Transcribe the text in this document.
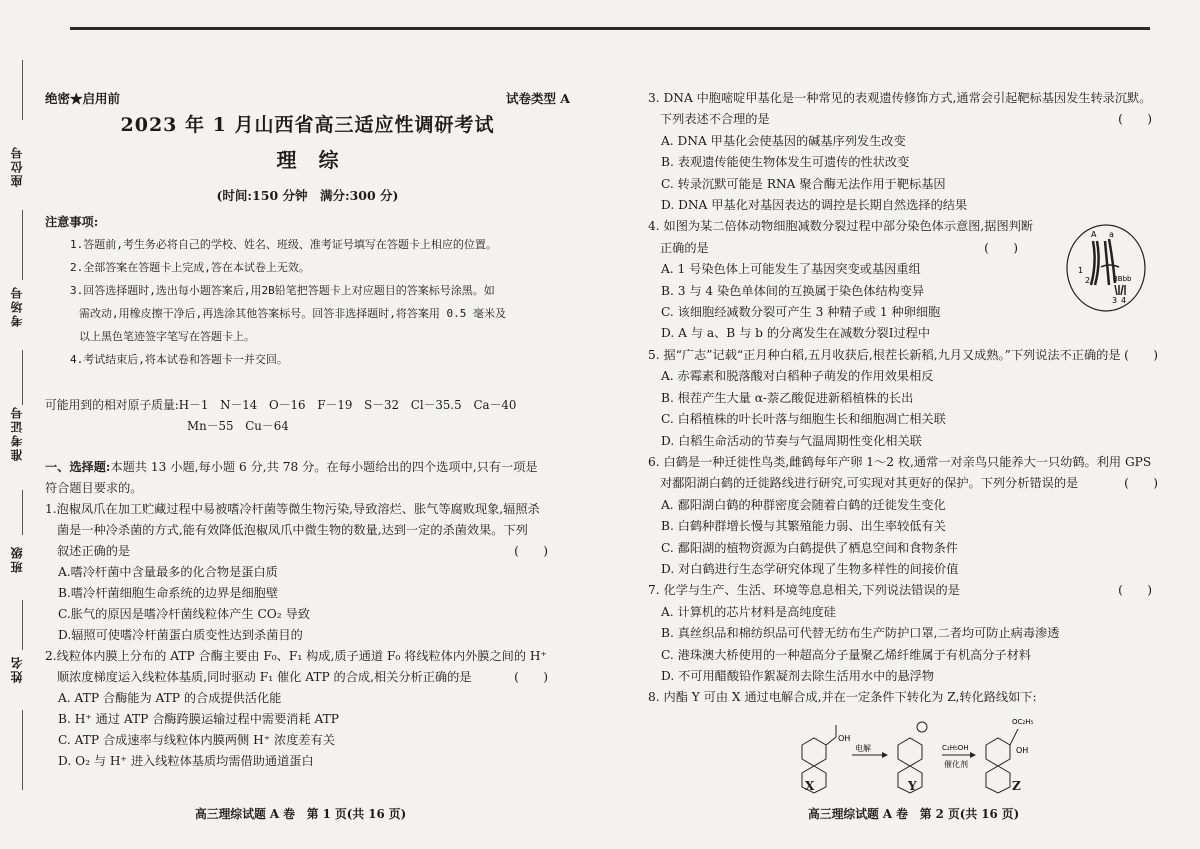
座位号
考场号
准考证号
班级
姓名
绝密★启用前	试卷类型 A
2023 年 1 月山西省高三适应性调研考试
理综
(时间:150 分钟　满分:300 分)
注意事项:
1.答题前,考生务必将自己的学校、姓名、班级、准考证号填写在答题卡上相应的位置。
2.全部答案在答题卡上完成,答在本试卷上无效。
3.回答选择题时,选出每小题答案后,用2B铅笔把答题卡上对应题目的答案标号涂黑。如
需改动,用橡皮擦干净后,再选涂其他答案标号。回答非选择题时,将答案用 0.5 毫米及
以上黑色笔迹签字笔写在答题卡上。
4.考试结束后,将本试卷和答题卡一并交回。
可能用到的相对原子质量:H－1　N－14　O－16　F－19　S－32　Cl－35.5　Ca－40
Mn－55　Cu－64
一、选择题:本题共 13 小题,每小题 6 分,共 78 分。在每小题给出的四个选项中,只有一项是
符合题目要求的。
1.泡椒凤爪在加工贮藏过程中易被嗜冷杆菌等微生物污染,导致溶烂、胀气等腐败现象,辐照杀
菌是一种冷杀菌的方式,能有效降低泡椒凤爪中微生物的数量,达到一定的杀菌效果。下列
叙述正确的是	(　　)
A.嗜冷杆菌中含量最多的化合物是蛋白质
B.嗜冷杆菌细胞生命系统的边界是细胞壁
C.胀气的原因是嗜冷杆菌线粒体产生 CO₂ 导致
D.辐照可使嗜冷杆菌蛋白质变性达到杀菌目的
2.线粒体内膜上分布的 ATP 合酶主要由 F₀、F₁ 构成,质子通道 F₀ 将线粒体内外膜之间的 H⁺
顺浓度梯度运入线粒体基质,同时驱动 F₁ 催化 ATP 的合成,相关分析正确的是	(　　)
A. ATP 合酶能为 ATP 的合成提供活化能
B. H⁺ 通过 ATP 合酶跨膜运输过程中需要消耗 ATP
C. ATP 合成速率与线粒体内膜两侧 H⁺ 浓度差有关
D. O₂ 与 H⁺ 进入线粒体基质均需借助通道蛋白
高三理综试题 A 卷　第 1 页(共 16 页)
3. DNA 中胞嘧啶甲基化是一种常见的表观遗传修饰方式,通常会引起靶标基因发生转录沉默。
下列表述不合理的是	(　　)
A. DNA 甲基化会使基因的碱基序列发生改变
B. 表观遗传能使生物体发生可遗传的性状改变
C. 转录沉默可能是 RNA 聚合酶无法作用于靶标基因
D. DNA 甲基化对基因表达的调控是长期自然选择的结果
4. 如图为某二倍体动物细胞减数分裂过程中部分染色体示意图,据图判断
正确的是	(　　)
A. 1 号染色体上可能发生了基因突变或基因重组
B. 3 与 4 染色单体间的互换属于染色体结构变异
C. 该细胞经减数分裂可产生 3 种精子或 1 种卵细胞
D. A 与 a、B 与 b 的分离发生在减数分裂Ⅰ过程中
5. 据“广志”记载“正月种白稻,五月收获后,根茬长新稻,九月又成熟。”下列说法不正确的是 (　　)
A. 赤霉素和脱落酸对白稻种子萌发的作用效果相反
B. 根茬产生大量 α-萘乙酸促进新稻植株的长出
C. 白稻植株的叶长叶落与细胞生长和细胞凋亡相关联
D. 白稻生命活动的节奏与气温周期性变化相关联
6. 白鹤是一种迁徙性鸟类,雌鹤每年产卵 1～2 枚,通常一对亲鸟只能养大一只幼鹤。利用 GPS
对鄱阳湖白鹤的迁徙路线进行研究,可实现对其更好的保护。下列分析错误的是	(　　)
A. 鄱阳湖白鹤的种群密度会随着白鹤的迁徙发生变化
B. 白鹤种群增长慢与其繁殖能力弱、出生率较低有关
C. 鄱阳湖的植物资源为白鹤提供了栖息空间和食物条件
D. 对白鹤进行生态学研究体现了生物多样性的间接价值
7. 化学与生产、生活、环境等息息相关,下列说法错误的是	(　　)
A. 计算机的芯片材料是高纯度硅
B. 真丝织品和棉纺织品可代替无纺布生产防护口罩,二者均可防止病毒渗透
C. 港珠澳大桥使用的一种超高分子量聚乙烯纤维属于有机高分子材料
D. 不可用醋酸铅作絮凝剂去除生活用水中的悬浮物
8. 内酯 Y 可由 X 通过电解合成,并在一定条件下转化为 Z,转化路线如下:
A a
BBbb
1
2
3 4
OH
电解	C₂H₅OH
催化剂
OC₂H₅
OH
X	Y	Z
高三理综试题 A 卷　第 2 页(共 16 页)
